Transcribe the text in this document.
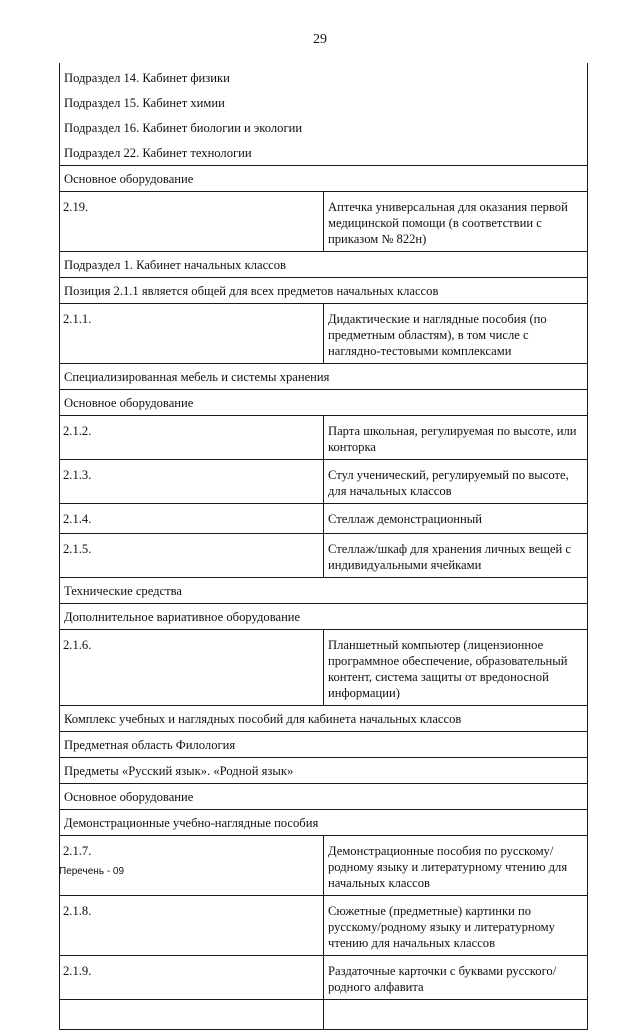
29
Подраздел 14. Кабинет физики	
Подраздел 15. Кабинет химии	
Подраздел 16. Кабинет биологии и экологии	
Подраздел 22. Кабинет технологии	
Основное оборудование	
2.19.	Аптечка универсальная для оказания первой медицинской помощи (в соответствии с приказом № 822н)
Подраздел 1. Кабинет начальных классов	
Позиция 2.1.1 является общей для всех предметов начальных классов	
2.1.1.	Дидактические и наглядные пособия (по предметным областям), в том числе с наглядно-тестовыми комплексами
Специализированная мебель и системы хранения	
Основное оборудование	
2.1.2.	Парта школьная, регулируемая по высоте, или конторка
2.1.3.	Стул ученический, регулируемый по высоте, для начальных классов
2.1.4.	Стеллаж демонстрационный
2.1.5.	Стеллаж/шкаф для хранения личных вещей с индивидуальными ячейками
Технические средства	
Дополнительное вариативное оборудование	
2.1.6.	Планшетный компьютер (лицензионное программное обеспечение, образовательный контент, система защиты от вредоносной информации)
Комплекс учебных и наглядных пособий для кабинета начальных классов	
Предметная область Филология	
Предметы «Русский язык». «Родной язык»	
Основное оборудование	
Демонстрационные учебно-наглядные пособия	
2.1.7.	Демонстрационные пособия по русскому/родному языку и литературному чтению для начальных классов
2.1.8.	Сюжетные (предметные) картинки по русскому/родному языку и литературному чтению для начальных классов
2.1.9.	Раздаточные карточки с буквами русского/родного алфавита

Перечень - 09
